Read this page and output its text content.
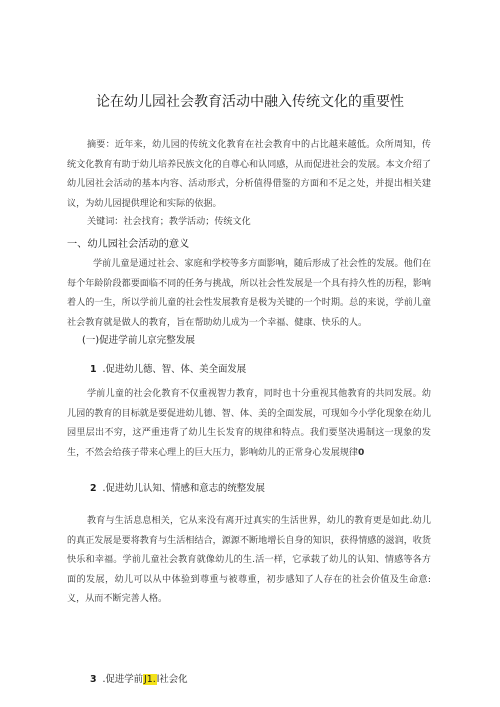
论在幼儿园社会教育活动中融入传统文化的重要性

摘要：近年来，幼儿园的传统文化教育在社会教育中的占比越来越低。众所周知，传统文化教育有助于幼儿培养民族文化的自尊心和认同感，从而促进社会的发展。本文介绍了幼儿园社会活动的基本内容、活动形式，分析值得借鉴的方面和不足之处，并提出相关建议，为幼儿园提供理论和实际的依据。

关键词：社会找育；教学活动；传统文化

一、幼儿园社会活动的意义

学前儿童是通过社会、家庭和学校等多方面影响，随后形成了社会性的发展。他们在每个年龄阶段都要面临不同的任务与挑战，所以社会性发展是一个具有持久性的历程，影响着人的一生，所以学前儿童的社会性发展教育是极为关键的一个时期。总的来说，学前儿童社会教育就是做人的教育，旨在帮助幼儿成为一个幸福、健康、快乐的人。

(一)促进学前儿京完整发展
1 .促进幼儿德、智、体、美全面发展

学前儿童的社会化教育不仅重视智力教育，同时也十分重视其他教育的共同发展。幼儿园的教育的目标就是要促进幼儿德、智、体、美的全面发展，可现如今小学化现象在幼儿园里层出不穷，这严重违背了幼儿生长发育的规律和特点。我们要坚决遏制这一现象的发生，不然会给孩子带来心理上的巨大压力，影响幼儿的正常身心发展规律0

2 .促进幼儿认知、情感和意志的统整发展

教育与生活息息相关，它从来没有离开过真实的生活世界，幼儿的教育更是如此.幼儿的真正发展是要将教育与生活相结合，源源不断地增长自身的知识，获得情感的滋润，收货快乐和幸福。学前儿童社会教育就像幼儿的生.活一样，它承载了幼儿的认知、情感等各方面的发展，幼儿可以从中体验到尊重与被尊重，初步感知了人存在的社会价值及生命意:义，从而不断完善人格。

3 .促进学前J1.l社会化
